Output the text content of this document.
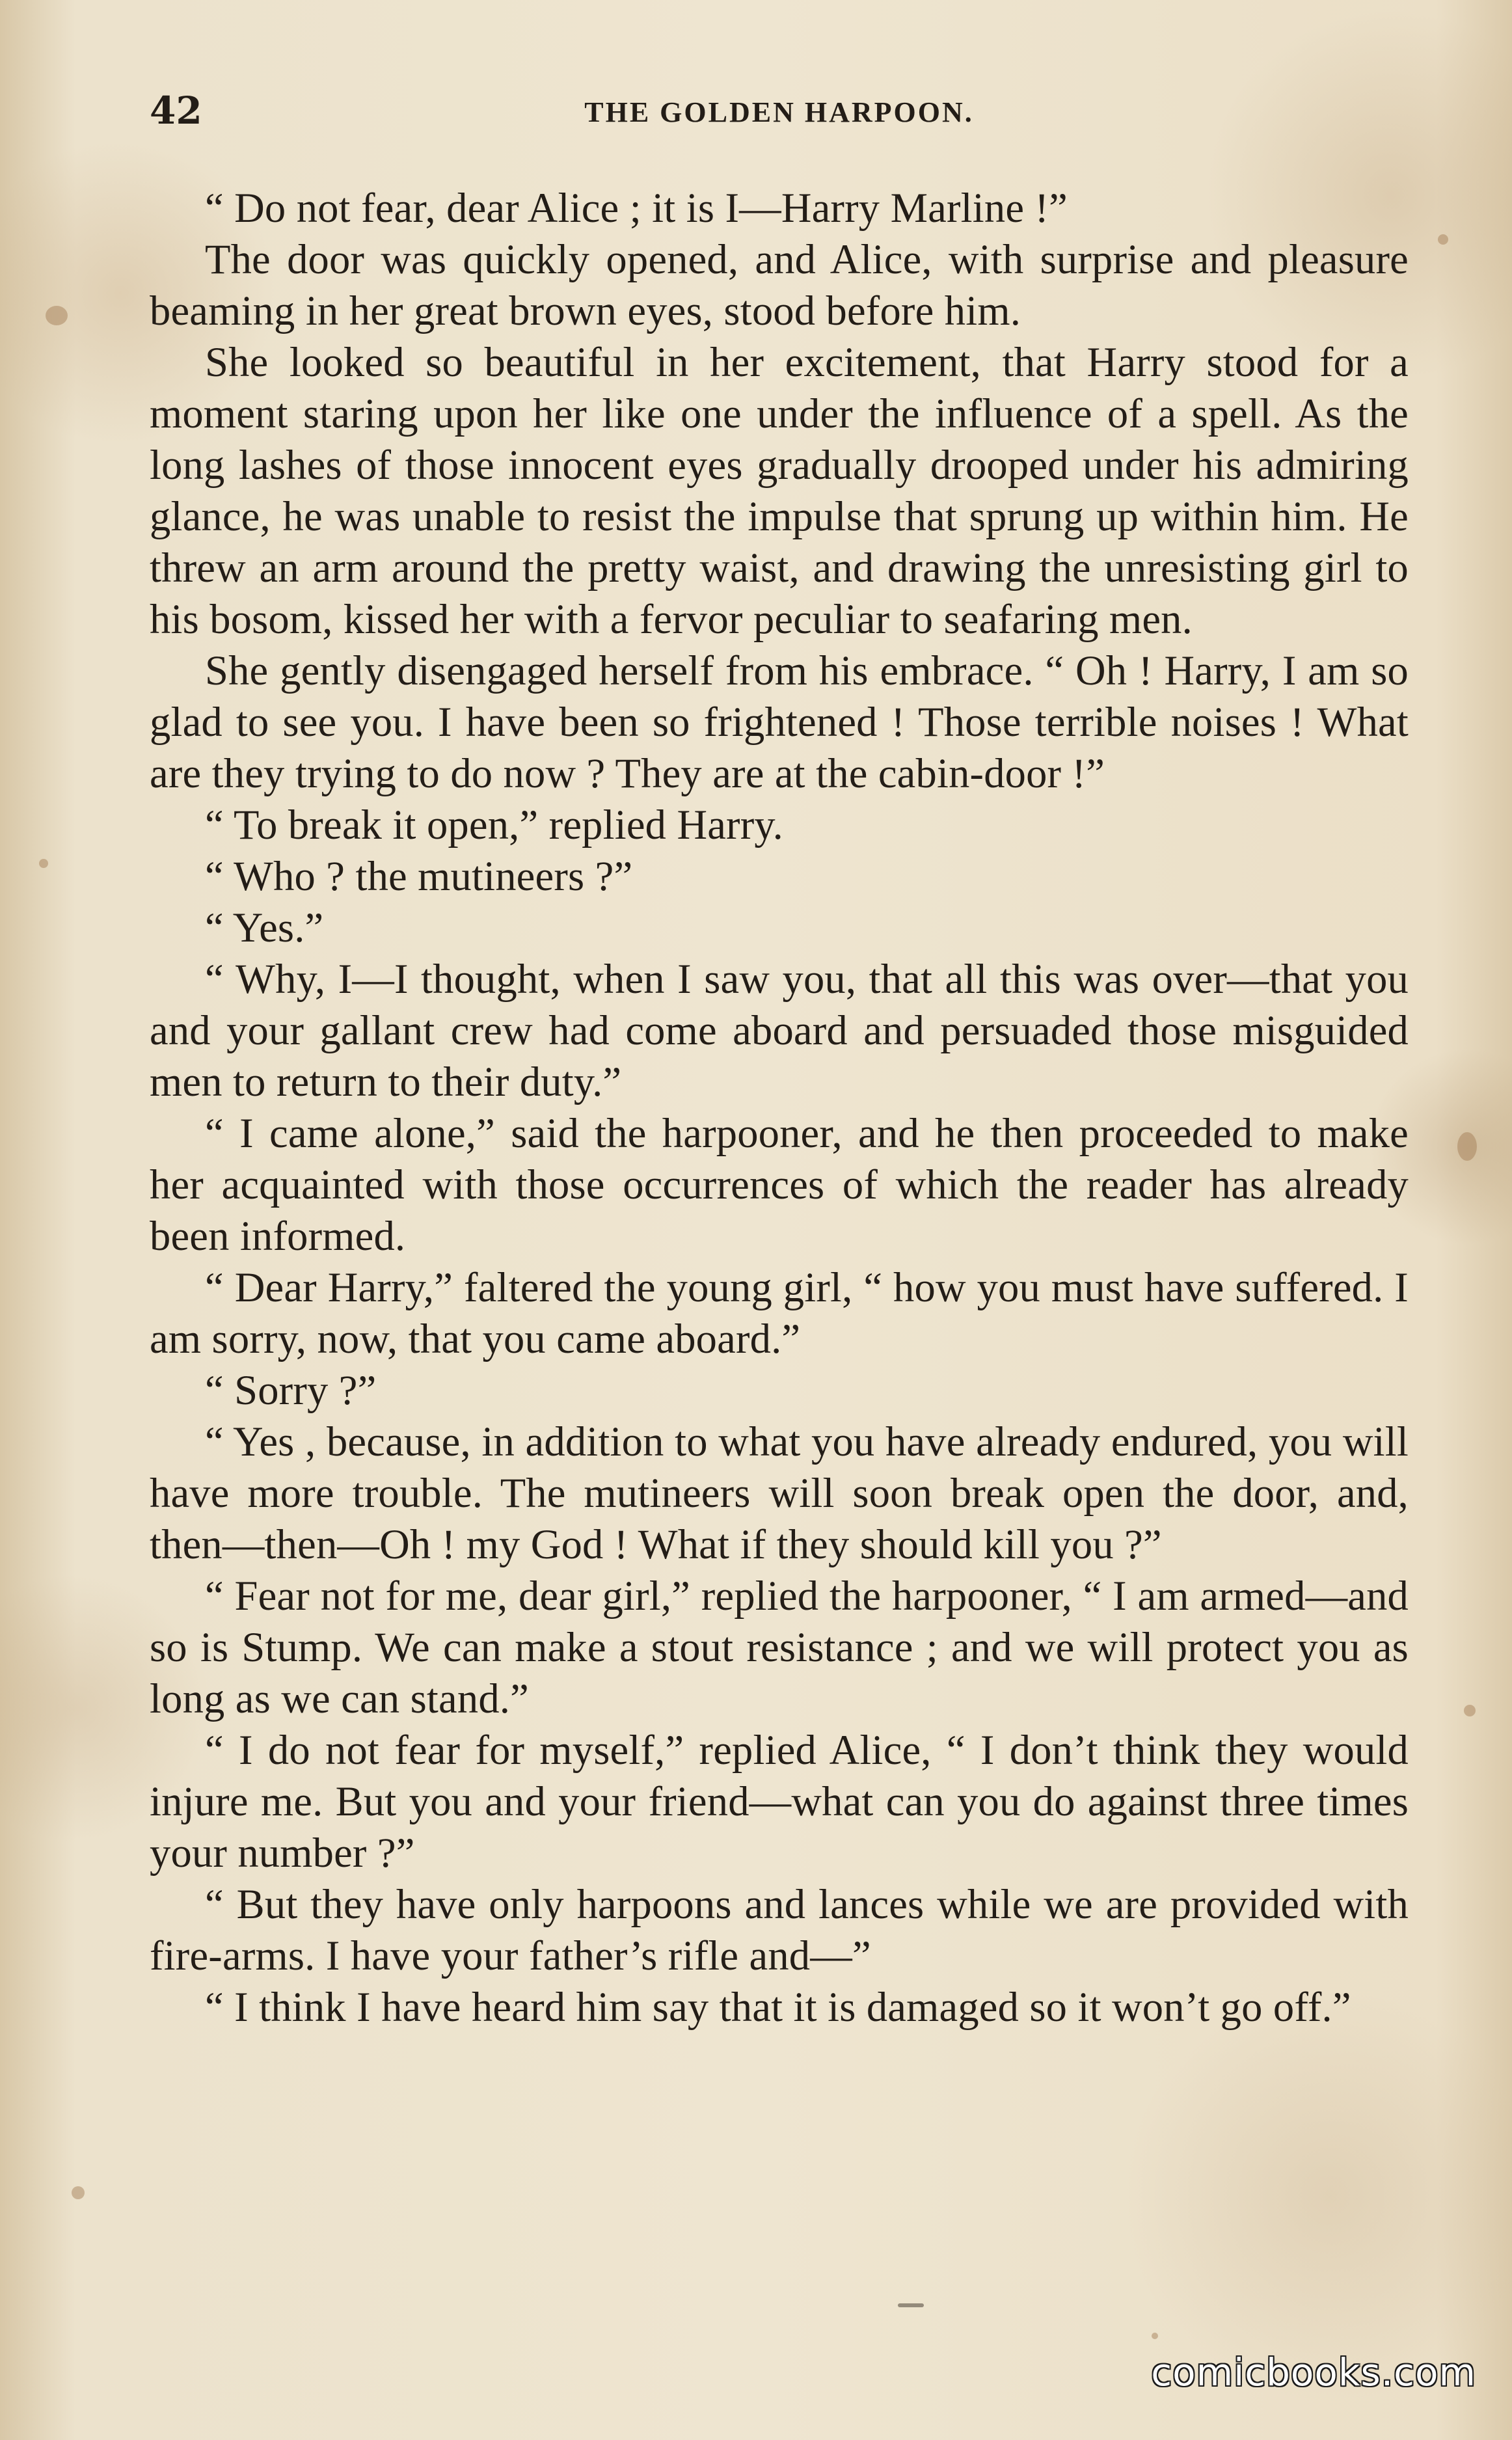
42	THE GOLDEN HARPOON.

“ Do not fear, dear Alice ; it is I—Harry Marline !”

The door was quickly opened, and Alice, with surprise and pleasure beaming in her great brown eyes, stood before him.

She looked so beautiful in her excitement, that Harry stood for a moment staring upon her like one under the influence of a spell. As the long lashes of those innocent eyes gradually drooped under his admiring glance, he was unable to resist the impulse that sprung up within him. He threw an arm around the pretty waist, and drawing the unresisting girl to his bosom, kissed her with a fervor peculiar to seafaring men.

She gently disengaged herself from his embrace. “ Oh ! Harry, I am so glad to see you. I have been so frightened ! Those terrible noises ! What are they trying to do now ? They are at the cabin-door !”

“ To break it open,” replied Harry.

“ Who ? the mutineers ?”

“ Yes.”

“ Why, I—I thought, when I saw you, that all this was over—that you and your gallant crew had come aboard and persuaded those misguided men to return to their duty.”

“ I came alone,” said the harpooner, and he then proceeded to make her acquainted with those occurrences of which the reader has already been informed.

“ Dear Harry,” faltered the young girl, “ how you must have suffered. I am sorry, now, that you came aboard.”

“ Sorry ?”

“ Yes , because, in addition to what you have already endured, you will have more trouble. The mutineers will soon break open the door, and, then—then—Oh ! my God ! What if they should kill you ?”

“ Fear not for me, dear girl,” replied the harpooner, “ I am armed—and so is Stump. We can make a stout resistance ; and we will protect you as long as we can stand.”

“ I do not fear for myself,” replied Alice, “ I don’t think they would injure me. But you and your friend—what can you do against three times your number ?”

“ But they have only harpoons and lances while we are provided with fire-arms. I have your father’s rifle and—”

“ I think I have heard him say that it is damaged so it won’t go off.”

comicbooks.com
